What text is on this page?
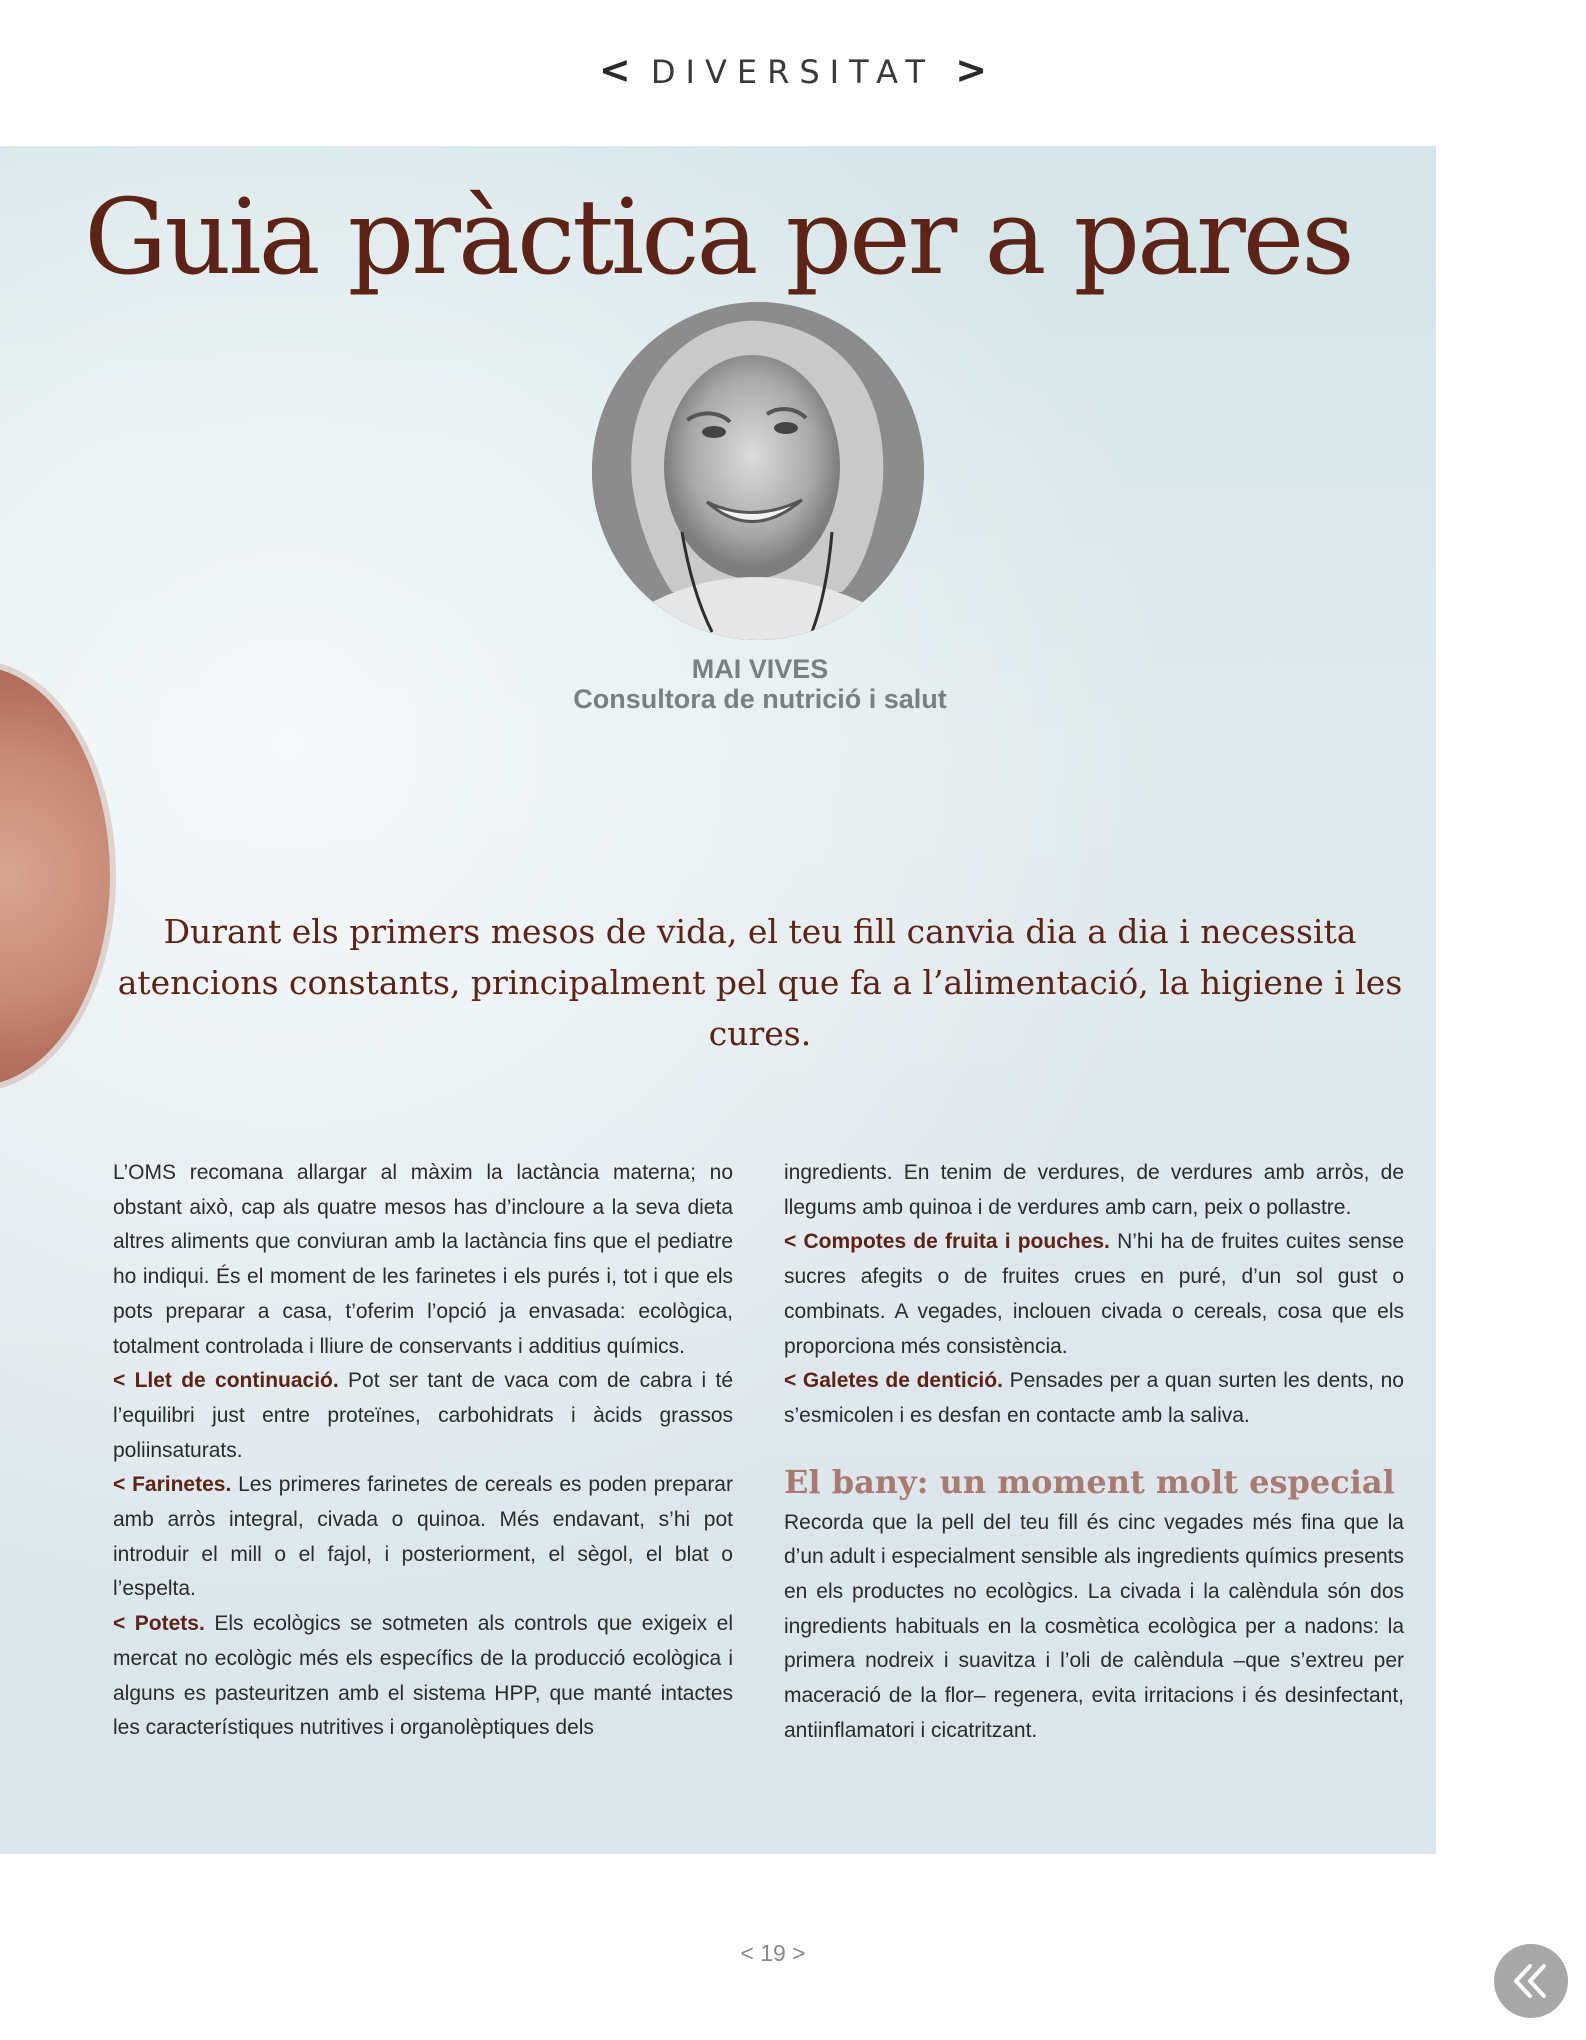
< DIVERSITAT >
Guia pràctica per a pares
MAI VIVES
Consultora de nutrició i salut
Durant els primers mesos de vida, el teu fill canvia dia a dia i necessita atencions constants, principalment pel que fa a l’alimentació, la higiene i les cures.

L’OMS recomana allargar al màxim la lactància materna; no obstant això, cap als quatre mesos has d’incloure a la seva dieta altres aliments que conviuran amb la lactància fins que el pediatre ho indiqui. És el moment de les farinetes i els purés i, tot i que els pots preparar a casa, t’oferim l’opció ja envasada: ecològica, totalment controlada i lliure de conservants i additius químics.

< Llet de continuació. Pot ser tant de vaca com de cabra i té l’equilibri just entre proteïnes, carbohidrats i àcids grassos poliinsaturats.

< Farinetes. Les primeres farinetes de cereals es poden preparar amb arròs integral, civada o quinoa. Més endavant, s’hi pot introduir el mill o el fajol, i posteriorment, el sègol, el blat o l’espelta.

< Potets. Els ecològics se sotmeten als controls que exigeix el mercat no ecològic més els específics de la producció ecològica i alguns es pasteuritzen amb el sistema HPP, que manté intactes les característiques nutritives i organolèptiques dels

ingredients. En tenim de verdures, de verdures amb arròs, de llegums amb quinoa i de verdures amb carn, peix o pollastre.

< Compotes de fruita i pouches. N’hi ha de fruites cuites sense sucres afegits o de fruites crues en puré, d’un sol gust o combinats. A vegades, inclouen civada o cereals, cosa que els proporciona més consistència.

< Galetes de dentició. Pensades per a quan surten les dents, no s’esmicolen i es desfan en contacte amb la saliva.

El bany: un moment molt especial

Recorda que la pell del teu fill és cinc vegades més fina que la d’un adult i especialment sensible als ingredients químics presents en els productes no ecològics. La civada i la calèndula són dos ingredients habituals en la cosmètica ecològica per a nadons: la primera nodreix i suavitza i l’oli de calèndula –que s’extreu per maceració de la flor– regenera, evita irritacions i és desinfectant, antiinflamatori i cicatritzant.

< 19 >
